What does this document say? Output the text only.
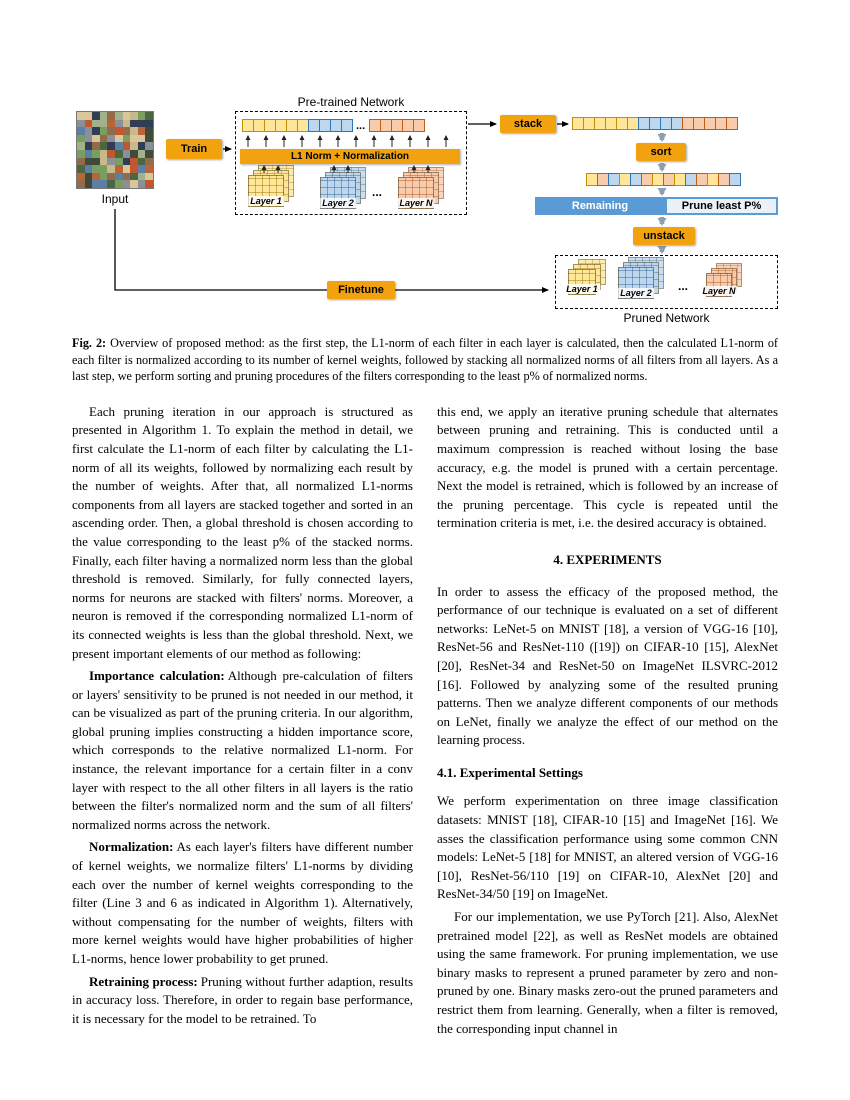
Input
Train
Pre-trained Network
...
L1 Norm + Normalization
Layer 1	Layer 2
...
Layer N
stack
sort
Remaining	Prune least P%
unstack
Layer 1 Layer 2 ... Layer N
Pruned Network
Finetune

Fig. 2: Overview of proposed method: as the first step, the L1-norm of each filter in each layer is calculated, then the calculated L1-norm of each filter is normalized according to its number of kernel weights, followed by stacking all normalized norms of all filters from all layers. As a last step, we perform sorting and pruning procedures of the filters corresponding to the least p% of normalized norms.

Each pruning iteration in our approach is structured as presented in Algorithm 1. To explain the method in detail, we first calculate the L1-norm of each filter by calculating the L1-norm of all its weights, followed by normalizing each result by the number of weights. After that, all normalized L1-norms components from all layers are stacked together and sorted in an ascending order. Then, a global threshold is chosen according to the value corresponding to the least p% of the stacked norms. Finally, each filter having a normalized norm less than the global threshold is removed. Similarly, for fully connected layers, norms for neurons are stacked with filters' norms. Moreover, a neuron is removed if the corresponding normalized L1-norm of its connected weights is less than the global threshold. Next, we present important elements of our method as following:

Importance calculation: Although pre-calculation of filters or layers' sensitivity to be pruned is not needed in our method, it can be visualized as part of the pruning criteria. In our algorithm, global pruning implies constructing a hidden importance score, which corresponds to the relative normalized L1-norm. For instance, the relevant importance for a certain filter in a conv layer with respect to the all other filters in all layers is the ratio between the filter's normalized norm and the sum of all filters' normalized norms across the network.

Normalization: As each layer's filters have different number of kernel weights, we normalize filters' L1-norms by dividing each over the number of kernel weights corresponding to the filter (Line 3 and 6 as indicated in Algorithm 1). Alternatively, without compensating for the number of weights, filters with more kernel weights would have higher probabilities of higher L1-norms, hence lower probability to get pruned.

Retraining process: Pruning without further adaption, results in accuracy loss. Therefore, in order to regain base performance, it is necessary for the model to be retrained. To

this end, we apply an iterative pruning schedule that alternates between pruning and retraining. This is conducted until a maximum compression is reached without losing the base accuracy, e.g. the model is pruned with a certain percentage. Next the model is retrained, which is followed by an increase of the pruning percentage. This cycle is repeated until the termination criteria is met, i.e. the desired accuracy is obtained.

4. EXPERIMENTS

In order to assess the efficacy of the proposed method, the performance of our technique is evaluated on a set of different networks: LeNet-5 on MNIST [18], a version of VGG-16 [10], ResNet-56 and ResNet-110 ([19]) on CIFAR-10 [15], AlexNet [20], ResNet-34 and ResNet-50 on ImageNet ILSVRC-2012 [16]. Followed by analyzing some of the resulted pruning patterns. Then we analyze different components of our methods on LeNet, finally we analyze the effect of our method on the learning process.

4.1. Experimental Settings

We perform experimentation on three image classification datasets: MNIST [18], CIFAR-10 [15] and ImageNet [16]. We asses the classification performance using some common CNN models: LeNet-5 [18] for MNIST, an altered version of VGG-16 [10], ResNet-56/110 [19] on CIFAR-10, AlexNet [20] and ResNet-34/50 [19] on ImageNet.

For our implementation, we use PyTorch [21]. Also, AlexNet pretrained model [22], as well as ResNet models are obtained using the same framework. For pruning implementation, we use binary masks to represent a pruned parameter by zero and non-pruned by one. Binary masks zero-out the pruned parameters and restrict them from learning. Generally, when a filter is removed, the corresponding input channel in
